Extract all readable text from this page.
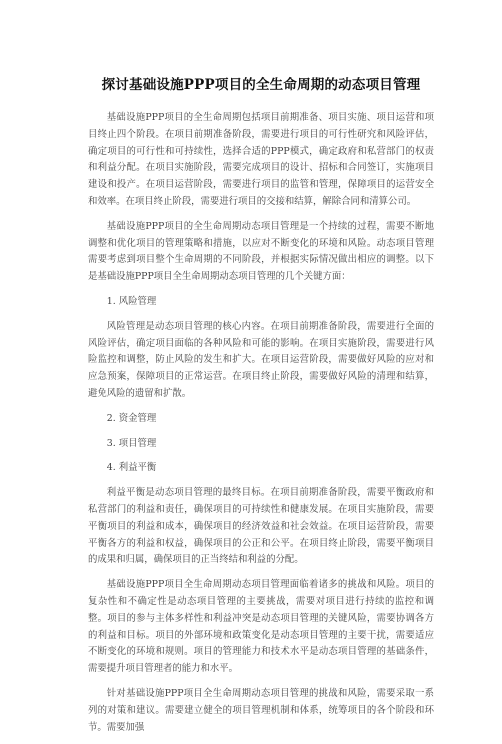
探讨基础设施PPP项目的全生命周期的动态项目管理

基础设施PPP项目的全生命周期包括项目前期准备、项目实施、项目运营和项目终止四个阶段。在项目前期准备阶段，需要进行项目的可行性研究和风险评估，确定项目的可行性和可持续性，选择合适的PPP模式，确定政府和私营部门的权责和利益分配。在项目实施阶段，需要完成项目的设计、招标和合同签订，实施项目建设和投产。在项目运营阶段，需要进行项目的监管和管理，保障项目的运营安全和效率。在项目终止阶段，需要进行项目的交接和结算，解除合同和清算公司。

基础设施PPP项目的全生命周期动态项目管理是一个持续的过程，需要不断地调整和优化项目的管理策略和措施，以应对不断变化的环境和风险。动态项目管理需要考虑到项目整个生命周期的不同阶段，并根据实际情况做出相应的调整。以下是基础设施PPP项目全生命周期动态项目管理的几个关键方面：

1. 风险管理

风险管理是动态项目管理的核心内容。在项目前期准备阶段，需要进行全面的风险评估，确定项目面临的各种风险和可能的影响。在项目实施阶段，需要进行风险监控和调整，防止风险的发生和扩大。在项目运营阶段，需要做好风险的应对和应急预案，保障项目的正常运营。在项目终止阶段，需要做好风险的清理和结算，避免风险的遗留和扩散。

2. 资金管理

3. 项目管理

4. 利益平衡

利益平衡是动态项目管理的最终目标。在项目前期准备阶段，需要平衡政府和私营部门的利益和责任，确保项目的可持续性和健康发展。在项目实施阶段，需要平衡项目的利益和成本，确保项目的经济效益和社会效益。在项目运营阶段，需要平衡各方的利益和权益，确保项目的公正和公平。在项目终止阶段，需要平衡项目的成果和归属，确保项目的正当终结和利益的分配。

基础设施PPP项目全生命周期动态项目管理面临着诸多的挑战和风险。项目的复杂性和不确定性是动态项目管理的主要挑战，需要对项目进行持续的监控和调整。项目的参与主体多样性和利益冲突是动态项目管理的关键风险，需要协调各方的利益和目标。项目的外部环境和政策变化是动态项目管理的主要干扰，需要适应不断变化的环境和规则。项目的管理能力和技术水平是动态项目管理的基础条件，需要提升项目管理者的能力和水平。

针对基础设施PPP项目全生命周期动态项目管理的挑战和风险，需要采取一系列的对策和建议。需要建立健全的项目管理机制和体系，统筹项目的各个阶段和环节。需要加强
